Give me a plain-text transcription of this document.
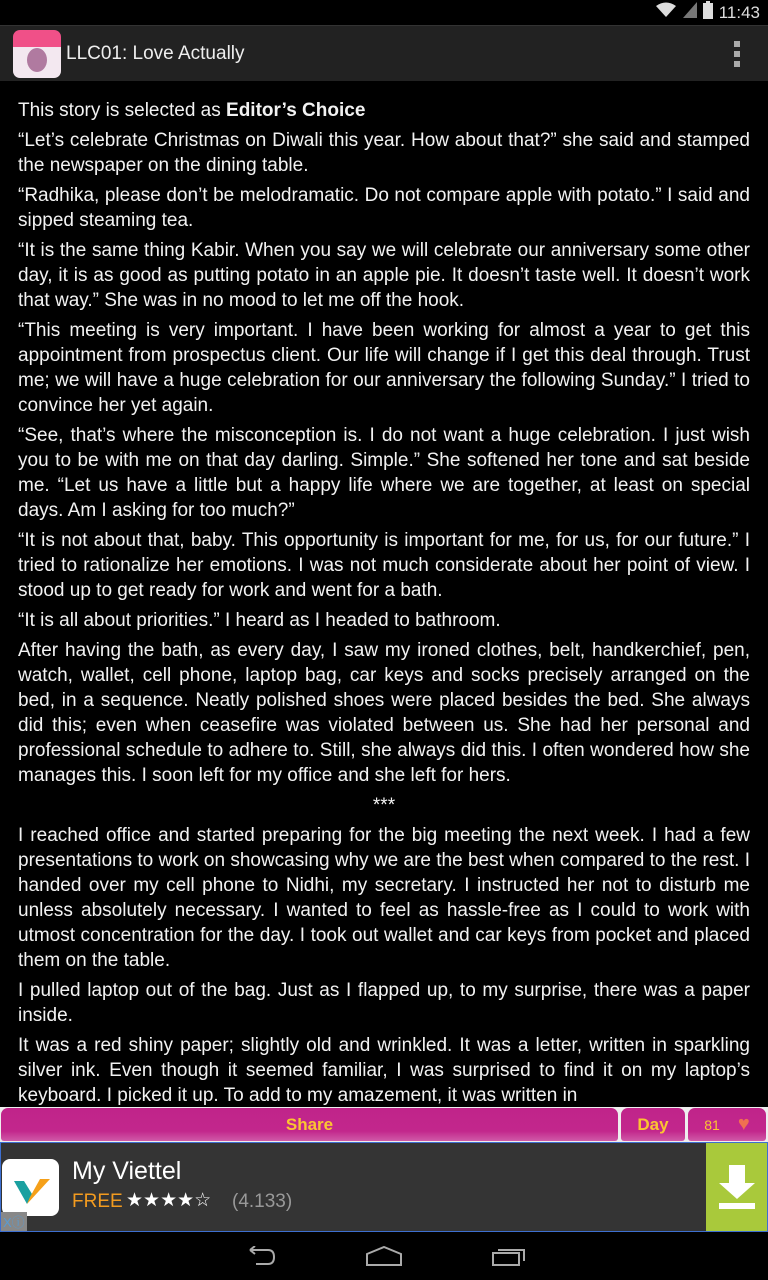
11:43
LLC01: Love Actually

This story is selected as Editor’s Choice

“Let’s celebrate Christmas on Diwali this year. How about that?” she said and stamped the newspaper on the dining table.

“Radhika, please don’t be melodramatic. Do not compare apple with potato.” I said and sipped steaming tea.

“It is the same thing Kabir. When you say we will celebrate our anniversary some other day, it is as good as putting potato in an apple pie. It doesn’t taste well. It doesn’t work that way.” She was in no mood to let me off the hook.

“This meeting is very important. I have been working for almost a year to get this appointment from prospectus client. Our life will change if I get this deal through. Trust me; we will have a huge celebration for our anniversary the following Sunday.” I tried to convince her yet again.

“See, that’s where the misconception is. I do not want a huge celebration. I just wish you to be with me on that day darling. Simple.” She softened her tone and sat beside me. “Let us have a little but a happy life where we are together, at least on special days. Am I asking for too much?”

“It is not about that, baby. This opportunity is important for me, for us, for our future.” I tried to rationalize her emotions. I was not much considerate about her point of view. I stood up to get ready for work and went for a bath.

“It is all about priorities.” I heard as I headed to bathroom.

After having the bath, as every day, I saw my ironed clothes, belt, handkerchief, pen, watch, wallet, cell phone, laptop bag, car keys and socks precisely arranged on the bed, in a sequence. Neatly polished shoes were placed besides the bed. She always did this; even when ceasefire was violated between us. She had her personal and professional schedule to adhere to. Still, she always did this. I often wondered how she manages this. I soon left for my office and she left for hers.

***

I reached office and started preparing for the big meeting the next week. I had a few presentations to work on showcasing why we are the best when compared to the rest. I handed over my cell phone to Nidhi, my secretary. I instructed her not to disturb me unless absolutely necessary. I wanted to feel as hassle-free as I could to work with utmost concentration for the day. I took out wallet and car keys from pocket and placed them on the table.

I pulled laptop out of the bag. Just as I flapped up, to my surprise, there was a paper inside.

It was a red shiny paper; slightly old and wrinkled. It was a letter, written in sparkling silver ink. Even though it seemed familiar, I was surprised to find it on my laptop’s keyboard. I picked it up. To add to my amazement, it was written in

Share	Day	81 ♥
My Viettel
FREE ★★★★☆ (4.133)
Xⓘ
